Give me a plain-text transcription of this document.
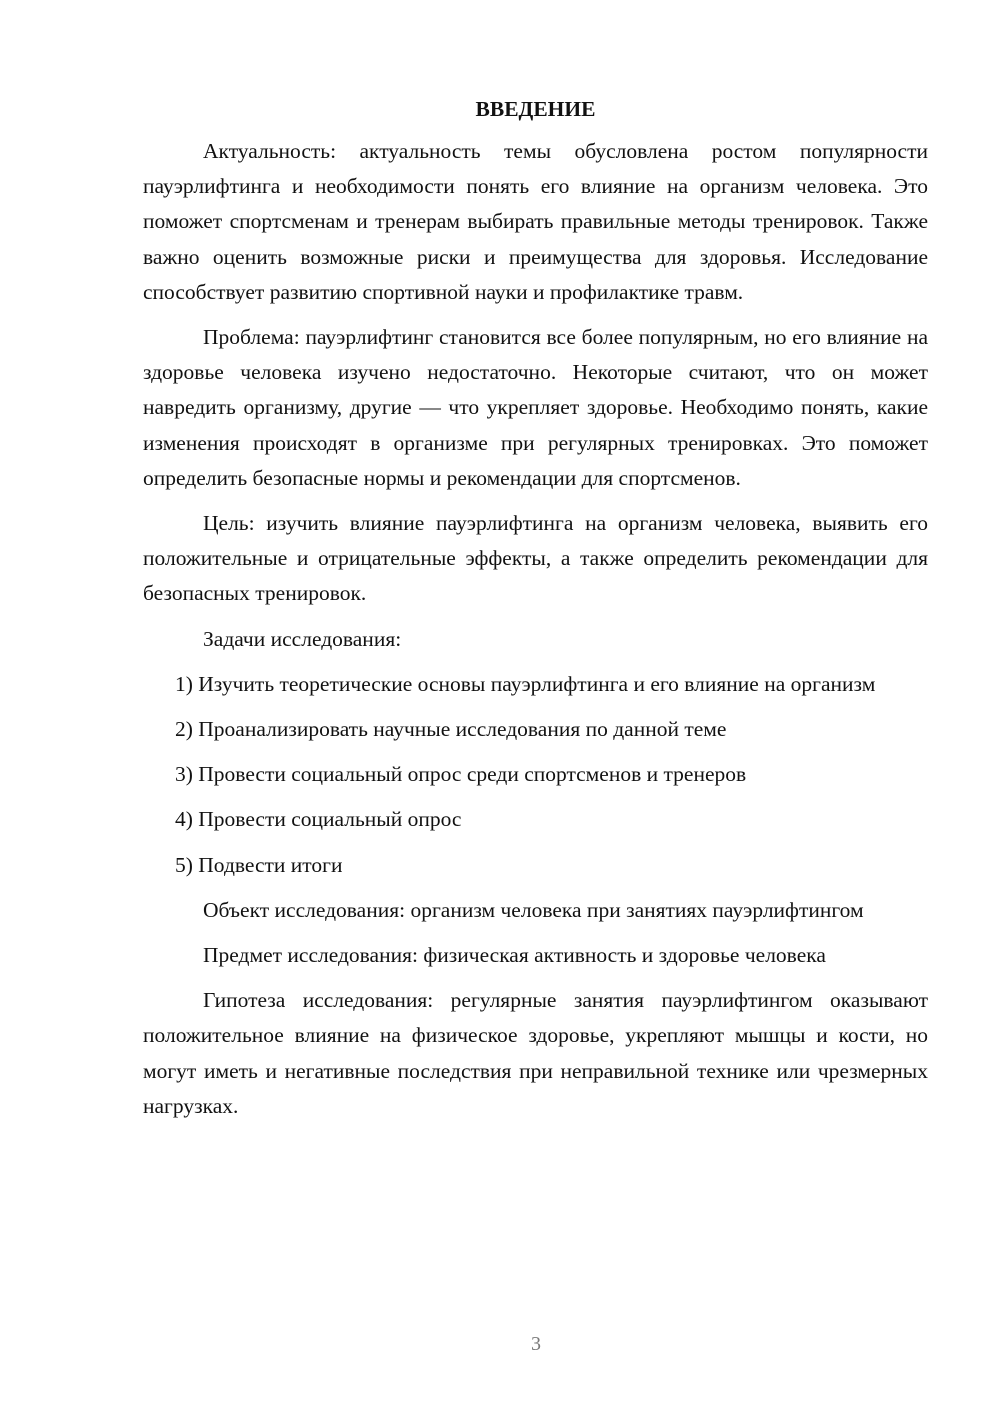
ВВЕДЕНИЕ

Актуальность: актуальность темы обусловлена ростом популярности пауэрлифтинга и необходимости понять его влияние на организм человека. Это поможет спортсменам и тренерам выбирать правильные методы тренировок. Также важно оценить возможные риски и преимущества для здоровья. Исследование способствует развитию спортивной науки и профилактике травм.

Проблема: пауэрлифтинг становится все более популярным, но его влияние на здоровье человека изучено недостаточно. Некоторые считают, что он может навредить организму, другие — что укрепляет здоровье. Необходимо понять, какие изменения происходят в организме при регулярных тренировках. Это поможет определить безопасные нормы и рекомендации для спортсменов.

Цель: изучить влияние пауэрлифтинга на организм человека, выявить его положительные и отрицательные эффекты, а также определить рекомендации для безопасных тренировок.

Задачи исследования:

1) Изучить теоретические основы пауэрлифтинга и его влияние на организм

2) Проанализировать научные исследования по данной теме

3) Провести социальный опрос среди спортсменов и тренеров

4) Провести социальный опрос

5) Подвести итоги

Объект исследования: организм человека при занятиях пауэрлифтингом

Предмет исследования: физическая активность и здоровье человека

Гипотеза исследования: регулярные занятия пауэрлифтингом оказывают положительное влияние на физическое здоровье, укрепляют мышцы и кости, но могут иметь и негативные последствия при неправильной технике или чрезмерных нагрузках.

3
